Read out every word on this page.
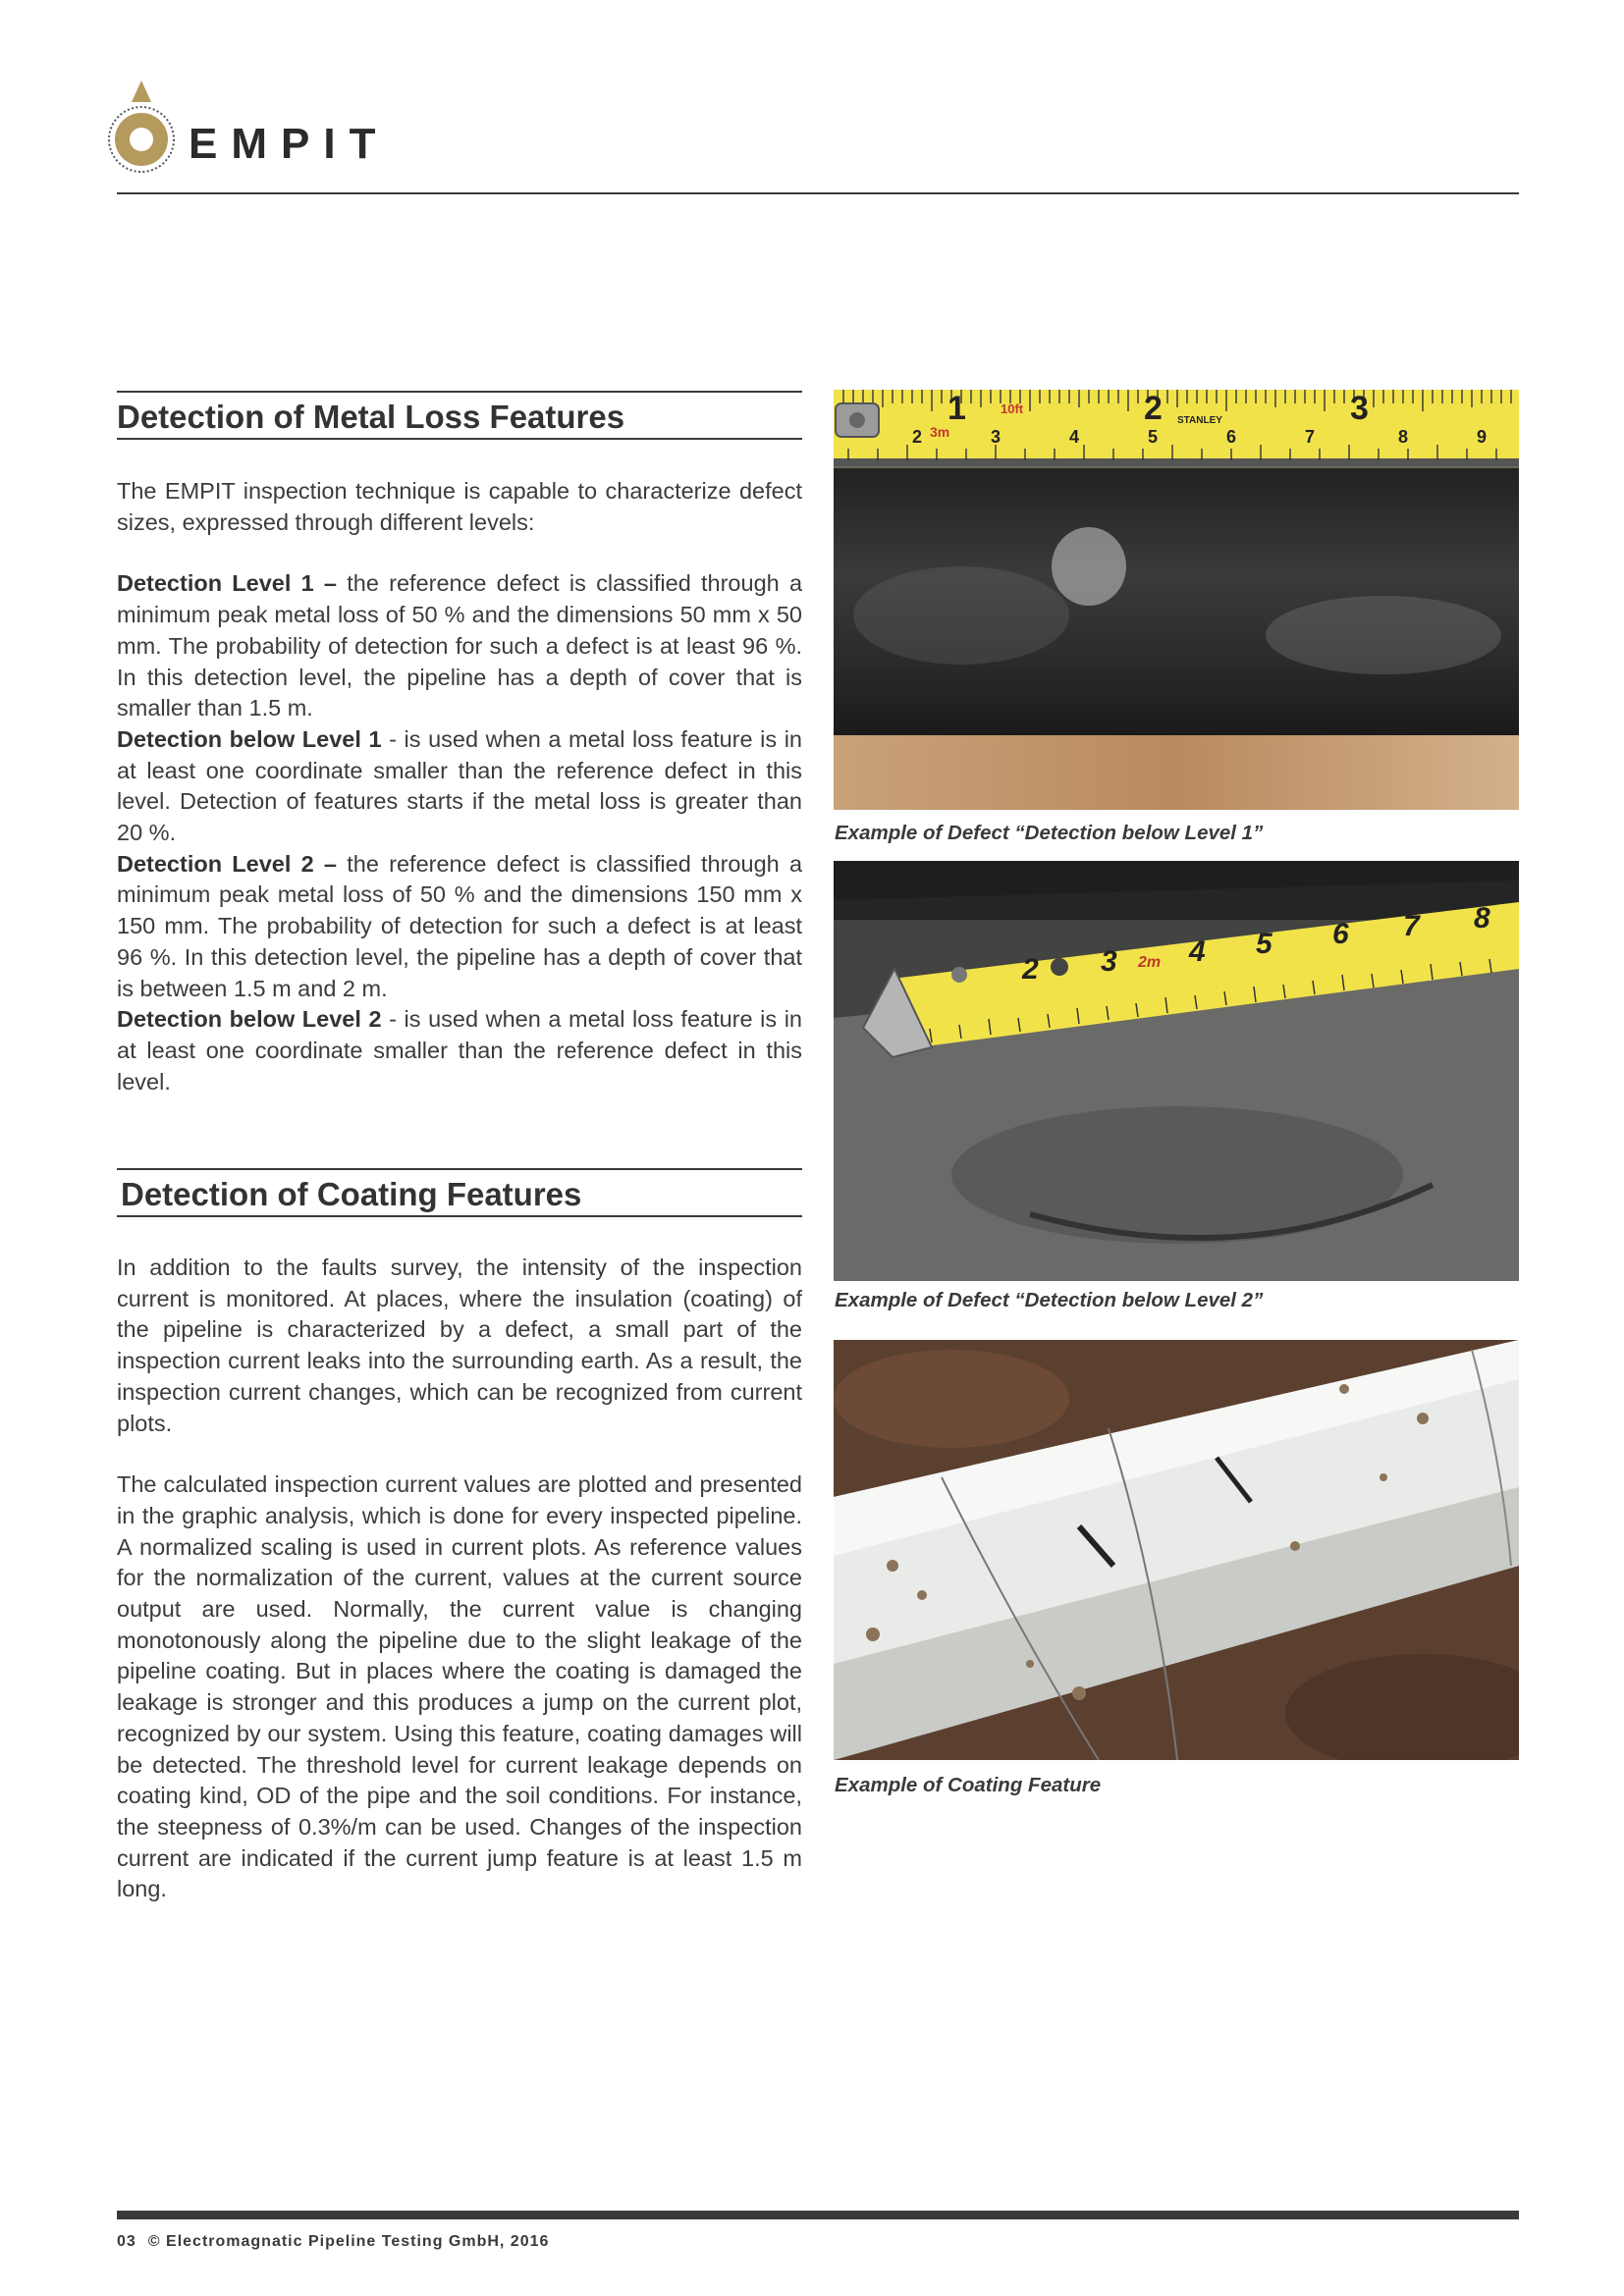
EMPIT
Detection of Metal Loss Features

The EMPIT inspection technique is capable to characterize defect sizes, expressed through different levels:

Detection Level 1 – the reference defect is classified through a minimum peak metal loss of 50 % and the dimensions 50 mm x 50 mm. The probability of detection for such a defect is at least 96 %. In this detection level, the pipeline has a depth of cover that is smaller than 1.5 m.

Detection below Level 1 - is used when a metal loss feature is in at least one coordinate smaller than the reference defect in this level. Detection of features starts if the metal loss is greater than 20 %.

Detection Level 2 – the reference defect is classified through a minimum peak metal loss of 50 % and the dimensions 150 mm x 150 mm. The probability of detection for such a defect is at least 96 %. In this detection level, the pipeline has a depth of cover that is between 1.5 m and 2 m.

Detection below Level 2 - is used when a metal loss feature is in at least one coordinate smaller than the reference defect in this level.

Detection of Coating Features

In addition to the faults survey, the intensity of the inspection current is monitored. At places, where the insulation (coating) of the pipeline is characterized by a defect, a small part of the inspection current leaks into the surrounding earth. As a result, the inspection current changes, which can be recognized from current plots.

The calculated inspection current values are plotted and presented in the graphic analysis, which is done for every inspected pipeline. A normalized scaling is used in current plots. As reference values for the normalization of the current, values at the current source output are used. Normally, the current value is changing monotonously along the pipeline due to the slight leakage of the pipeline coating. But in places where the coating is damaged the leakage is stronger and this produces a jump on the current plot, recognized by our system. Using this feature, coating damages will be detected. The threshold level for current leakage depends on coating kind, OD of the pipe and the soil conditions. For instance, the steepness of 0.3%/m can be used. Changes of the inspection current are indicated if the current jump feature is at least 1.5 m long.

1	2	3
2	3	4	5	6	7	8	9
10ft
3m
STANLEY
Example of Defect “Detection below Level 1”
2 3 4 5 6 7 8
2m
Example of Defect “Detection below Level 2”
Example of Coating Feature
03 © Electromagnatic Pipeline Testing GmbH, 2016
